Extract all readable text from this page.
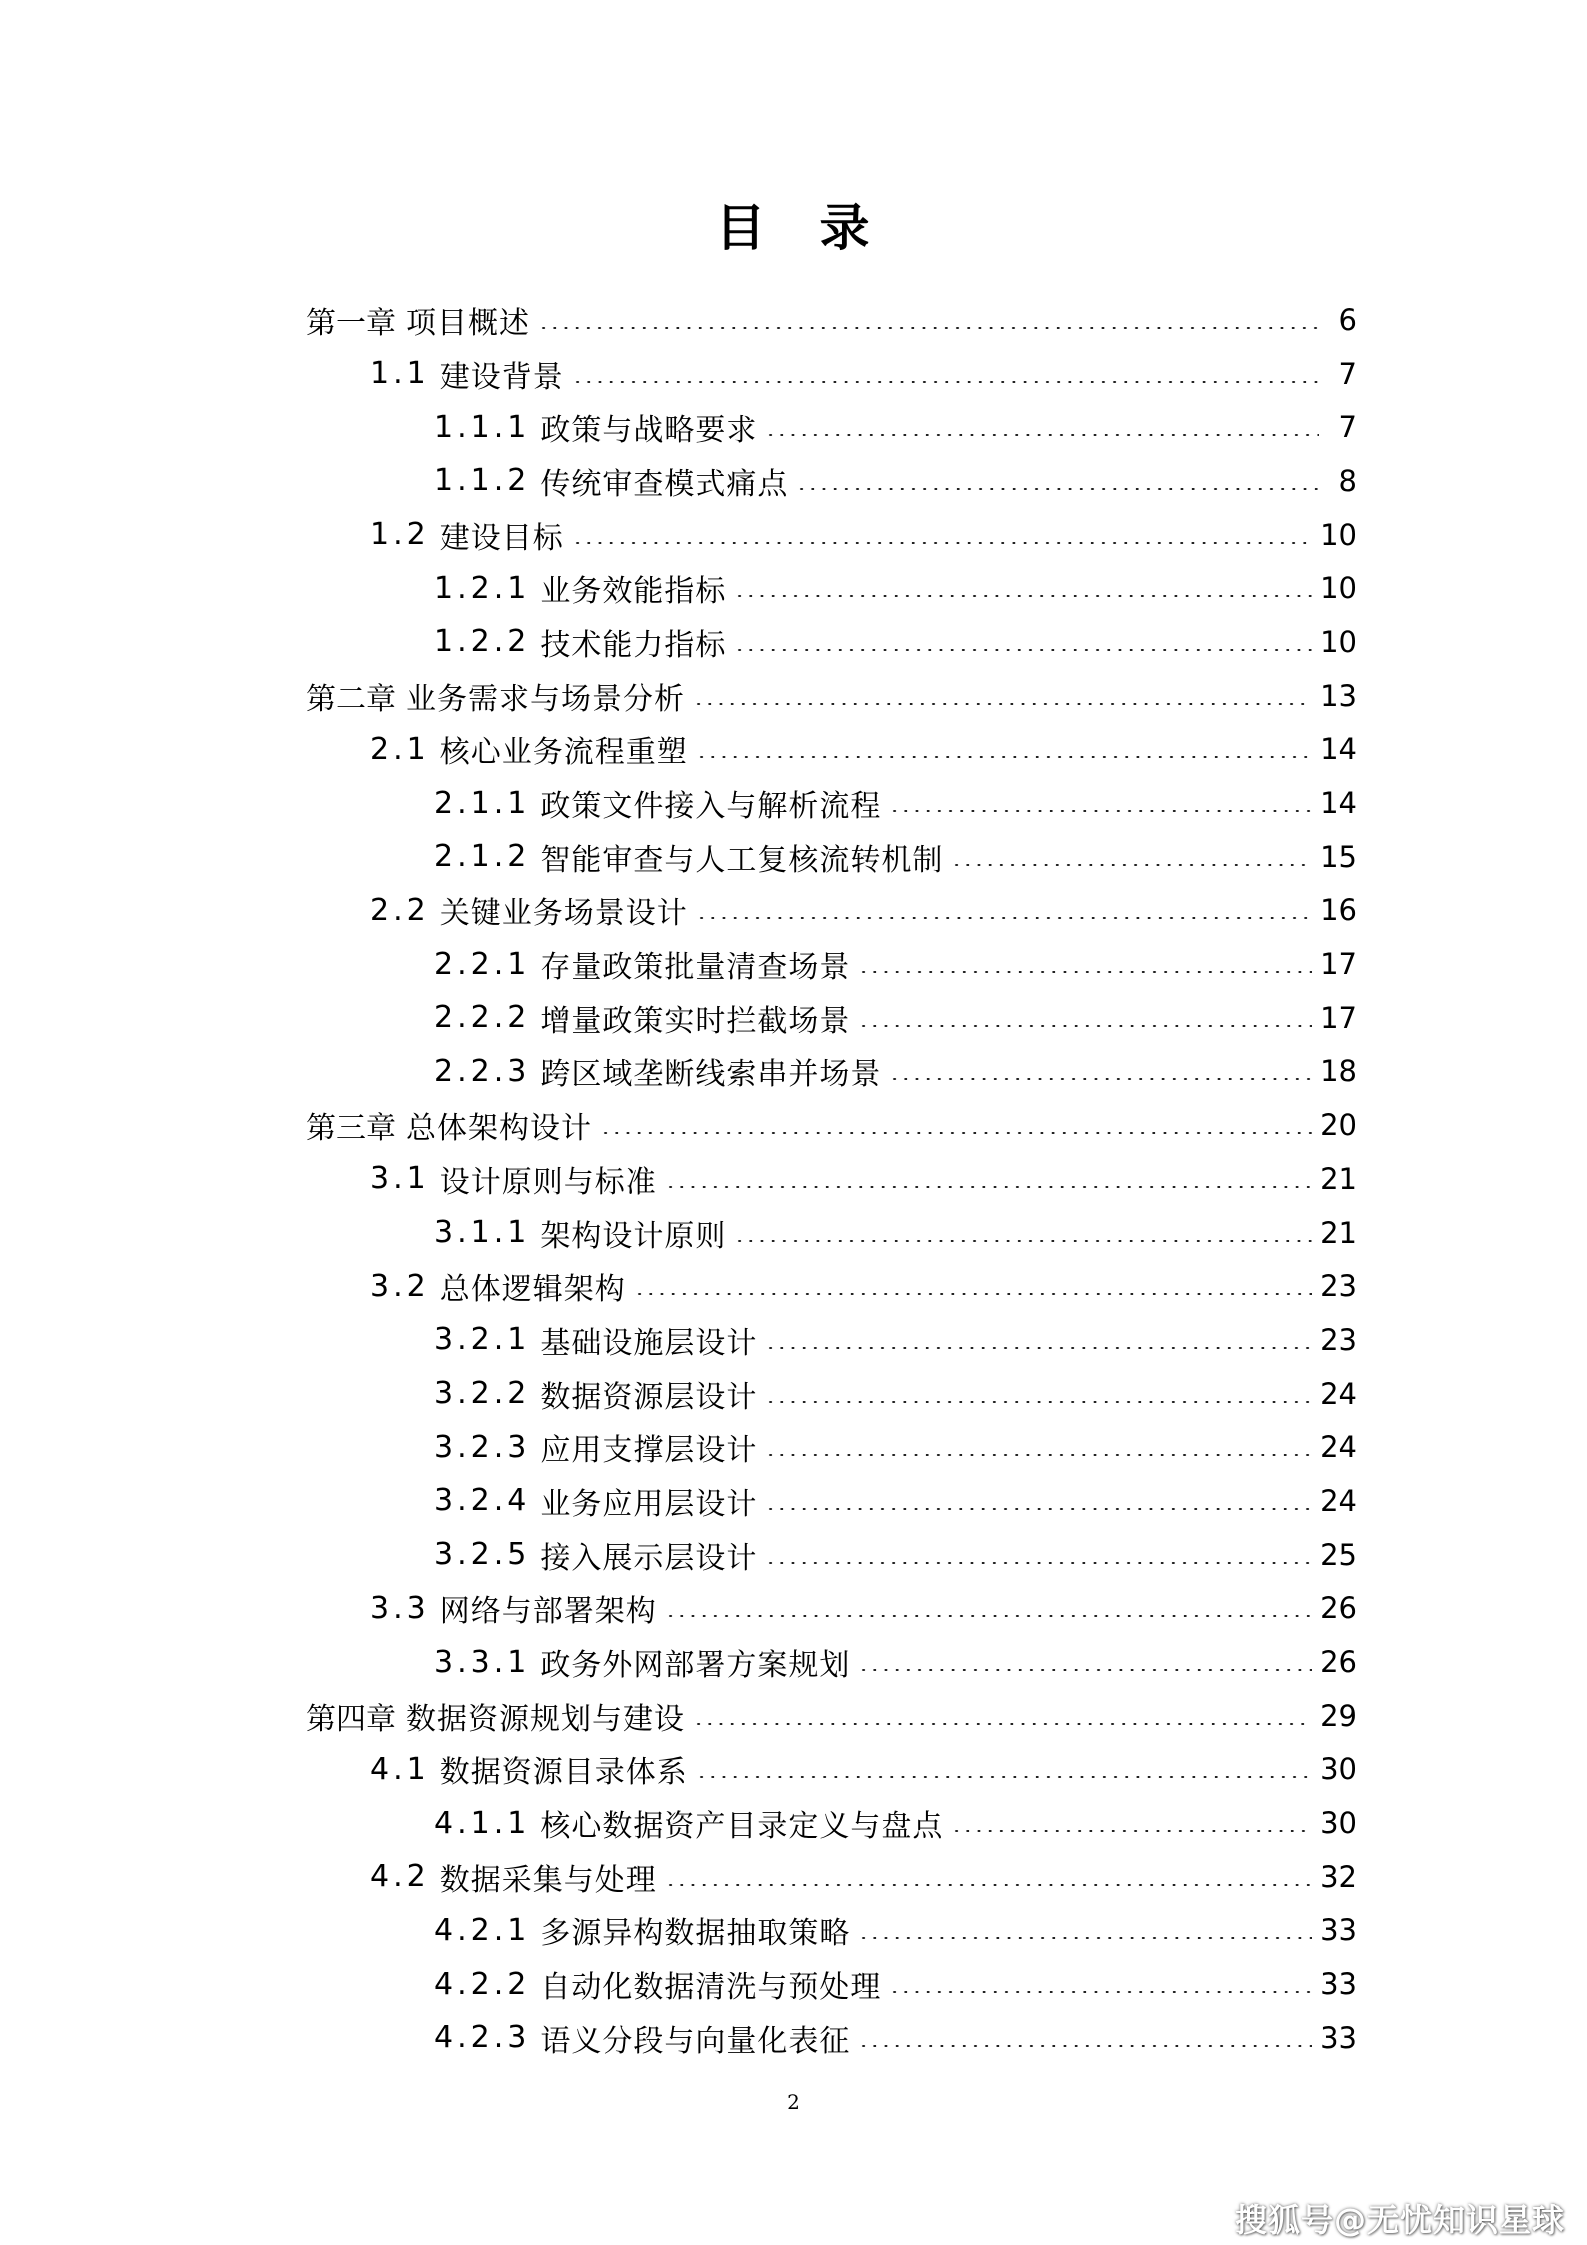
目　录
第一章 项目概述	6
1.1 建设背景	7
1.1.1 政策与战略要求	7
1.1.2 传统审查模式痛点	8
1.2 建设目标	10
1.2.1 业务效能指标	10
1.2.2 技术能力指标	10
第二章 业务需求与场景分析	13
2.1 核心业务流程重塑	14
2.1.1 政策文件接入与解析流程	14
2.1.2 智能审查与人工复核流转机制	15
2.2 关键业务场景设计	16
2.2.1 存量政策批量清查场景	17
2.2.2 增量政策实时拦截场景	17
2.2.3 跨区域垄断线索串并场景	18
第三章 总体架构设计	20
3.1 设计原则与标准	21
3.1.1 架构设计原则	21
3.2 总体逻辑架构	23
3.2.1 基础设施层设计	23
3.2.2 数据资源层设计	24
3.2.3 应用支撑层设计	24
3.2.4 业务应用层设计	24
3.2.5 接入展示层设计	25
3.3 网络与部署架构	26
3.3.1 政务外网部署方案规划	26
第四章 数据资源规划与建设	29
4.1 数据资源目录体系	30
4.1.1 核心数据资产目录定义与盘点	30
4.2 数据采集与处理	32
4.2.1 多源异构数据抽取策略	33
4.2.2 自动化数据清洗与预处理	33
4.2.3 语义分段与向量化表征	33
2
搜狐号@无忧知识星球
